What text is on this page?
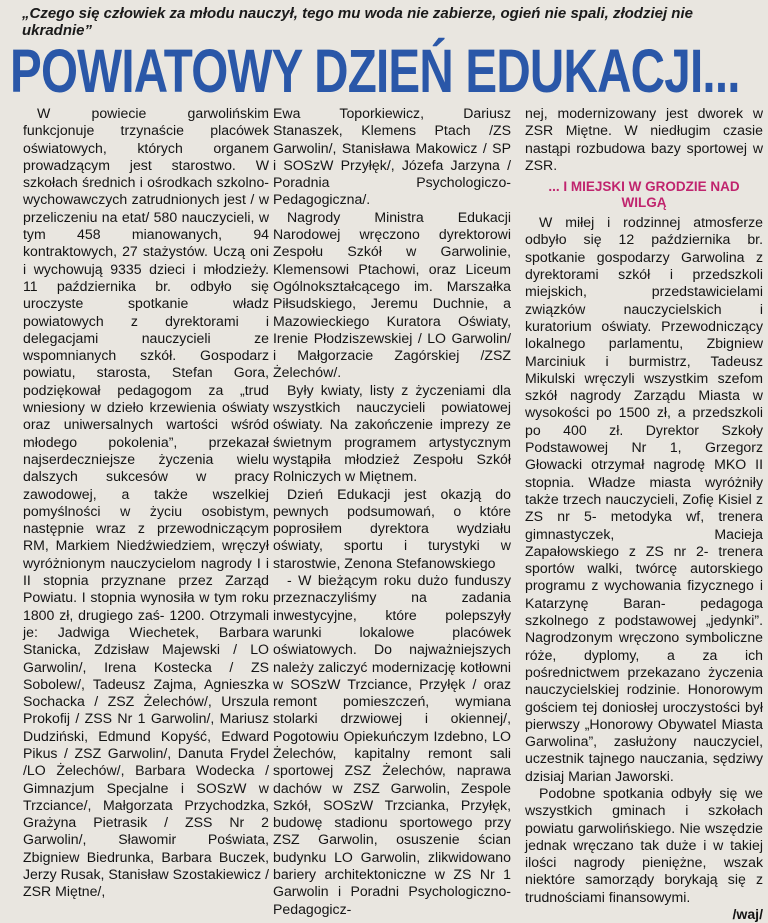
„Czego się człowiek za młodu nauczył, tego mu woda nie zabierze, ogień nie spali, złodziej nie ukradnie”

POWIATOWY DZIEŃ EDUKACJI...

W powiecie garwolińskim funkcjonuje trzynaście placówek oświatowych, których organem prowadzącym jest starostwo. W szkołach średnich i ośrodkach szkolno- wychowawczych zatrudnionych jest / w przeliczeniu na etat/ 580 nauczycieli, w tym 458 mianowanych, 94 kontraktowych, 27 stażystów. Uczą oni i wychowują 9335 dzieci i młodzieży. 11 października br. odbyło się uroczyste spotkanie władz powiatowych z dyrektorami i delegacjami nauczycieli ze wspomnianych szkół. Gospodarz powiatu, starosta, Stefan Gora, podziękował pedagogom za „trud wniesiony w dzieło krzewienia oświaty oraz uniwersalnych wartości wśród młodego pokolenia”, przekazał najserdeczniejsze życzenia wielu dalszych sukcesów w pracy zawodowej, a także wszelkiej pomyślności w życiu osobistym, następnie wraz z przewodniczącym RM, Markiem Niedźwiedziem, wręczył wyróżnionym nauczycielom nagrody I i II stopnia przyznane przez Zarząd Powiatu. I stopnia wynosiła w tym roku 1800 zł, drugiego zaś- 1200. Otrzymali je: Jadwiga Wiechetek, Barbara Stanicka, Zdzisław Majewski / LO Garwolin/, Irena Kostecka / ZS Sobolew/, Tadeusz Zajma, Agnieszka Sochacka / ZSZ Żelechów/, Urszula Prokofij / ZSS Nr 1 Garwolin/, Mariusz Dudziński, Edmund Kopyść, Edward Pikus / ZSZ Garwolin/, Danuta Frydel /LO Żelechów/, Barbara Wodecka / Gimnazjum Specjalne i SOSzW w Trzciance/, Małgorzata Przychodzka, Grażyna Pietrasik / ZSS Nr 2 Garwolin/, Sławomir Poświata, Zbigniew Biedrunka, Barbara Buczek, Jerzy Rusak, Stanisław Szostakiewicz / ZSR Miętne/,

Ewa Toporkiewicz, Dariusz Stanaszek, Klemens Ptach /ZS Garwolin/, Stanisława Makowicz / SP i SOSzW Przyłęk/, Józefa Jarzyna / Poradnia Psychologiczo- Pedagogiczna/.

Nagrody Ministra Edukacji Narodowej wręczono dyrektorowi Zespołu Szkół w Garwolinie, Klemensowi Ptachowi, oraz Liceum Ogólnokształcącego im. Marszałka Piłsudskiego, Jeremu Duchnie, a Mazowieckiego Kuratora Oświaty, Irenie Płodziszewskiej / LO Garwolin/ i Małgorzacie Zagórskiej /ZSZ Żelechów/.

Były kwiaty, listy z życzeniami dla wszystkich nauczycieli powiatowej oświaty. Na zakończenie imprezy ze świetnym programem artystycznym wystąpiła młodzież Zespołu Szkół Rolniczych w Miętnem.

Dzień Edukacji jest okazją do pewnych podsumowań, o które poprosiłem dyrektora wydziału oświaty, sportu i turystyki w starostwie, Zenona Stefanowskiego

- W bieżącym roku dużo funduszy przeznaczyliśmy na zadania inwestycyjne, które polepszyły warunki lokalowe placówek oświatowych. Do najważniejszych należy zaliczyć modernizację kotłowni w SOSzW Trzciance, Przyłęk / oraz remont pomieszczeń, wymiana stolarki drzwiowej i okiennej/, Pogotowiu Opiekuńczym Izdebno, LO Żelechów, kapitalny remont sali sportowej ZSZ Żelechów, naprawa dachów w ZSZ Garwolin, Zespole Szkół, SOSzW Trzcianka, Przyłęk, budowę stadionu sportowego przy ZSZ Garwolin, osuszenie ścian budynku LO Garwolin, zlikwidowano bariery architektoniczne w ZS Nr 1 Garwolin i Poradni Psychologiczno- Pedagogicz-

nej, modernizowany jest dworek w ZSR Miętne. W niedługim czasie nastąpi rozbudowa bazy sportowej w ZSR.

... I MIEJSKI W GRODZIE NAD WILGĄ

W miłej i rodzinnej atmosferze odbyło się 12 października br. spotkanie gospodarzy Garwolina z dyrektorami szkół i przedszkoli miejskich, przedstawicielami związków nauczycielskich i kuratorium oświaty. Przewodniczący lokalnego parlamentu, Zbigniew Marciniuk i burmistrz, Tadeusz Mikulski wręczyli wszystkim szefom szkół nagrody Zarządu Miasta w wysokości po 1500 zł, a przedszkoli po 400 zł. Dyrektor Szkoły Podstawowej Nr 1, Grzegorz Głowacki otrzymał nagrodę MKO II stopnia. Władze miasta wyróżniły także trzech nauczycieli, Zofię Kisiel z ZS nr 5- metodyka wf, trenera gimnastyczek, Macieja Zapałowskiego z ZS nr 2- trenera sportów walki, twórcę autorskiego programu z wychowania fizycznego i Katarzynę Baran- pedagoga szkolnego z podstawowej „jedynki”. Nagrodzonym wręczono symboliczne róże, dyplomy, a za ich pośrednictwem przekazano życzenia nauczycielskiej rodzinie. Honorowym gościem tej doniosłej uroczystości był pierwszy „Honorowy Obywatel Miasta Garwolina”, zasłużony nauczyciel, uczestnik tajnego nauczania, sędziwy dzisiaj Marian Jaworski.

Podobne spotkania odbyły się we wszystkich gminach i szkołach powiatu garwolińskiego. Nie wszędzie jednak wręczano tak duże i w takiej ilości nagrody pieniężne, wszak niektóre samorządy borykają się z trudnościami finansowymi.

/waj/
